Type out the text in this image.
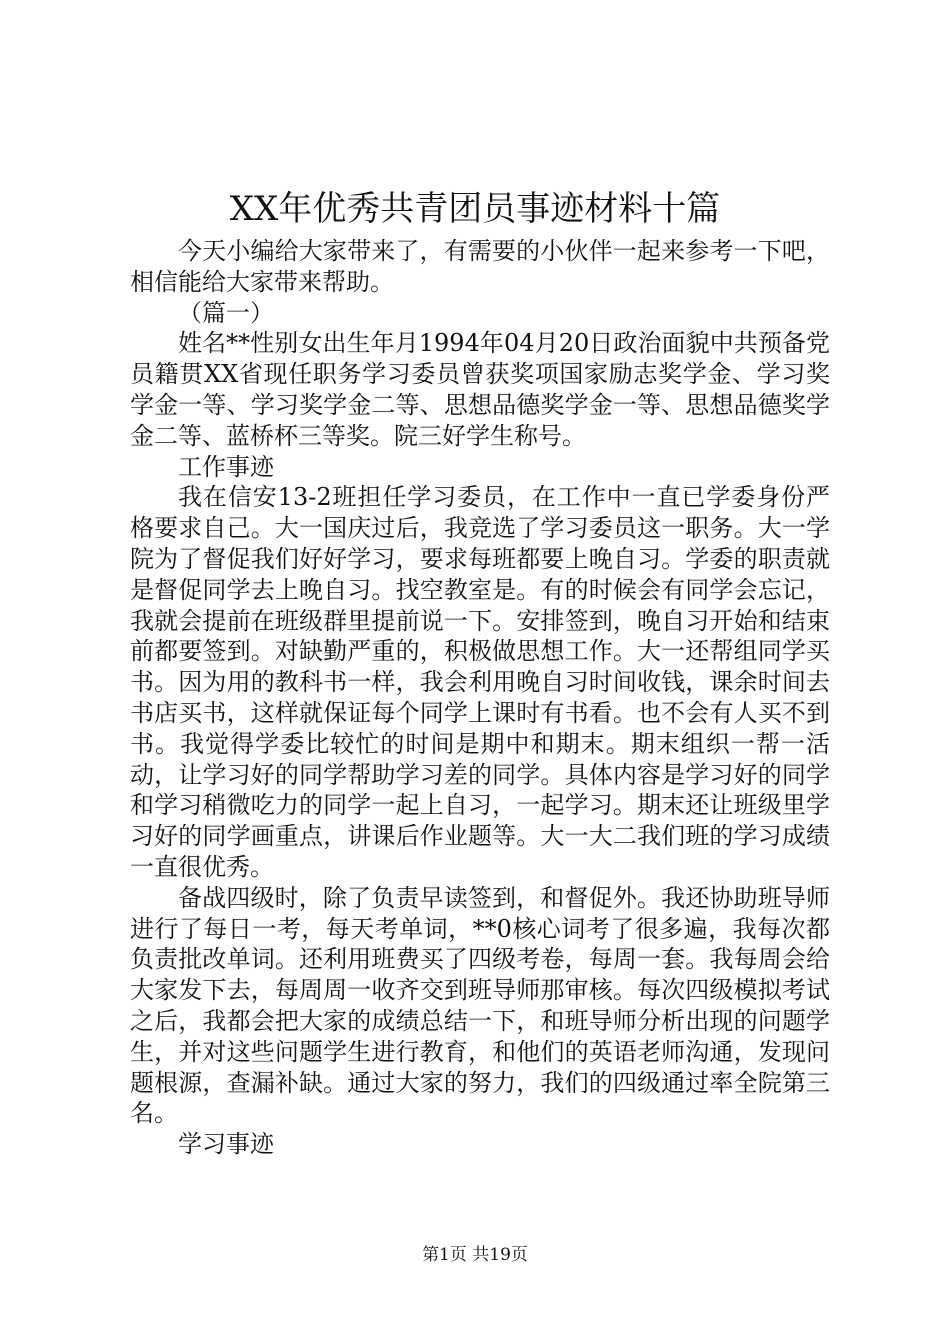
XX年优秀共青团员事迹材料十篇

今天小编给大家带来了，有需要的小伙伴一起来参考一下吧，相信能给大家带来帮助。

（篇一）

姓名**性别女出生年月1994年04月20日政治面貌中共预备党员籍贯XX省现任职务学习委员曾获奖项国家励志奖学金、学习奖学金一等、学习奖学金二等、思想品德奖学金一等、思想品德奖学金二等、蓝桥杯三等奖。院三好学生称号。

工作事迹

我在信安13-2班担任学习委员，在工作中一直已学委身份严格要求自己。大一国庆过后，我竞选了学习委员这一职务。大一学院为了督促我们好好学习，要求每班都要上晚自习。学委的职责就是督促同学去上晚自习。找空教室是。有的时候会有同学会忘记，我就会提前在班级群里提前说一下。安排签到，晚自习开始和结束前都要签到。对缺勤严重的，积极做思想工作。大一还帮组同学买书。因为用的教科书一样，我会利用晚自习时间收钱，课余时间去书店买书，这样就保证每个同学上课时有书看。也不会有人买不到书。我觉得学委比较忙的时间是期中和期末。期末组织一帮一活动，让学习好的同学帮助学习差的同学。具体内容是学习好的同学和学习稍微吃力的同学一起上自习，一起学习。期末还让班级里学习好的同学画重点，讲课后作业题等。大一大二我们班的学习成绩一直很优秀。

备战四级时，除了负责早读签到，和督促外。我还协助班导师进行了每日一考，每天考单词，**0核心词考了很多遍，我每次都负责批改单词。还利用班费买了四级考卷，每周一套。我每周会给大家发下去，每周周一收齐交到班导师那审核。每次四级模拟考试之后，我都会把大家的成绩总结一下，和班导师分析出现的问题学生，并对这些问题学生进行教育，和他们的英语老师沟通，发现问题根源，查漏补缺。通过大家的努力，我们的四级通过率全院第三名。

学习事迹

第1页 共19页
